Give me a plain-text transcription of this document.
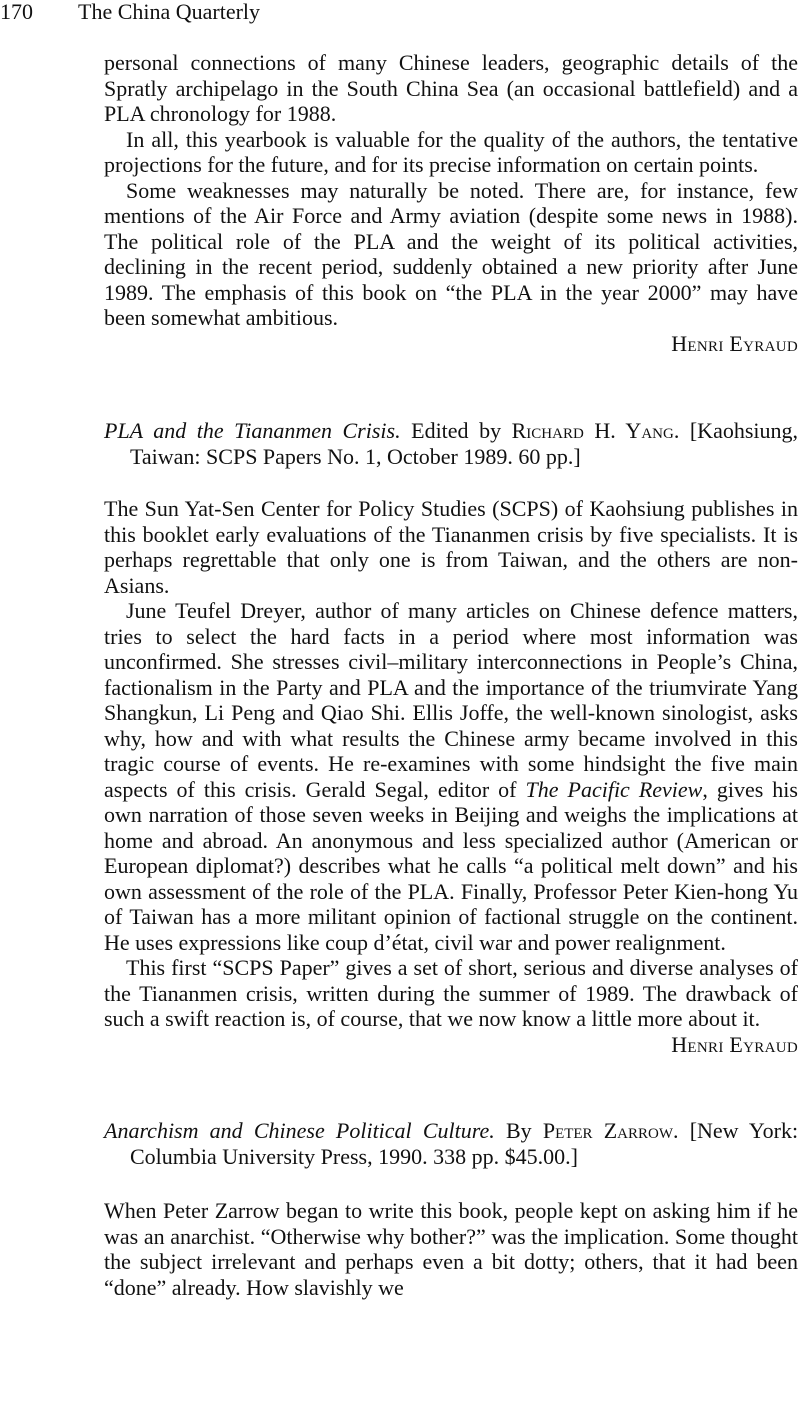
170 The China Quarterly

personal connections of many Chinese leaders, geographic details of the Spratly archipelago in the South China Sea (an occasional battlefield) and a PLA chronology for 1988.

In all, this yearbook is valuable for the quality of the authors, the tentative projections for the future, and for its precise information on certain points.

Some weaknesses may naturally be noted. There are, for instance, few mentions of the Air Force and Army aviation (despite some news in 1988). The political role of the PLA and the weight of its political activities, declining in the recent period, suddenly obtained a new priority after June 1989. The emphasis of this book on “the PLA in the year 2000” may have been somewhat ambitious.

Henri Eyraud

PLA and the Tiananmen Crisis. Edited by Richard H. Yang. [Kaohsiung, Taiwan: SCPS Papers No. 1, October 1989. 60 pp.]

The Sun Yat-Sen Center for Policy Studies (SCPS) of Kaohsiung publishes in this booklet early evaluations of the Tiananmen crisis by five specialists. It is perhaps regrettable that only one is from Taiwan, and the others are non-Asians.

June Teufel Dreyer, author of many articles on Chinese defence matters, tries to select the hard facts in a period where most information was unconfirmed. She stresses civil–military interconnections in People’s China, factionalism in the Party and PLA and the importance of the triumvirate Yang Shangkun, Li Peng and Qiao Shi. Ellis Joffe, the well-known sinologist, asks why, how and with what results the Chinese army became involved in this tragic course of events. He re-examines with some hindsight the five main aspects of this crisis. Gerald Segal, editor of The Pacific Review, gives his own narration of those seven weeks in Beijing and weighs the implications at home and abroad. An anonymous and less specialized author (American or European diplomat?) describes what he calls “a political melt down” and his own assessment of the role of the PLA. Finally, Professor Peter Kien-hong Yu of Taiwan has a more militant opinion of factional struggle on the continent. He uses expressions like coup d’état, civil war and power realignment.

This first “SCPS Paper” gives a set of short, serious and diverse analyses of the Tiananmen crisis, written during the summer of 1989. The drawback of such a swift reaction is, of course, that we now know a little more about it.

Henri Eyraud

Anarchism and Chinese Political Culture. By Peter Zarrow. [New York: Columbia University Press, 1990. 338 pp. $45.00.]

When Peter Zarrow began to write this book, people kept on asking him if he was an anarchist. “Otherwise why bother?” was the implication. Some thought the subject irrelevant and perhaps even a bit dotty; others, that it had been “done” already. How slavishly we
